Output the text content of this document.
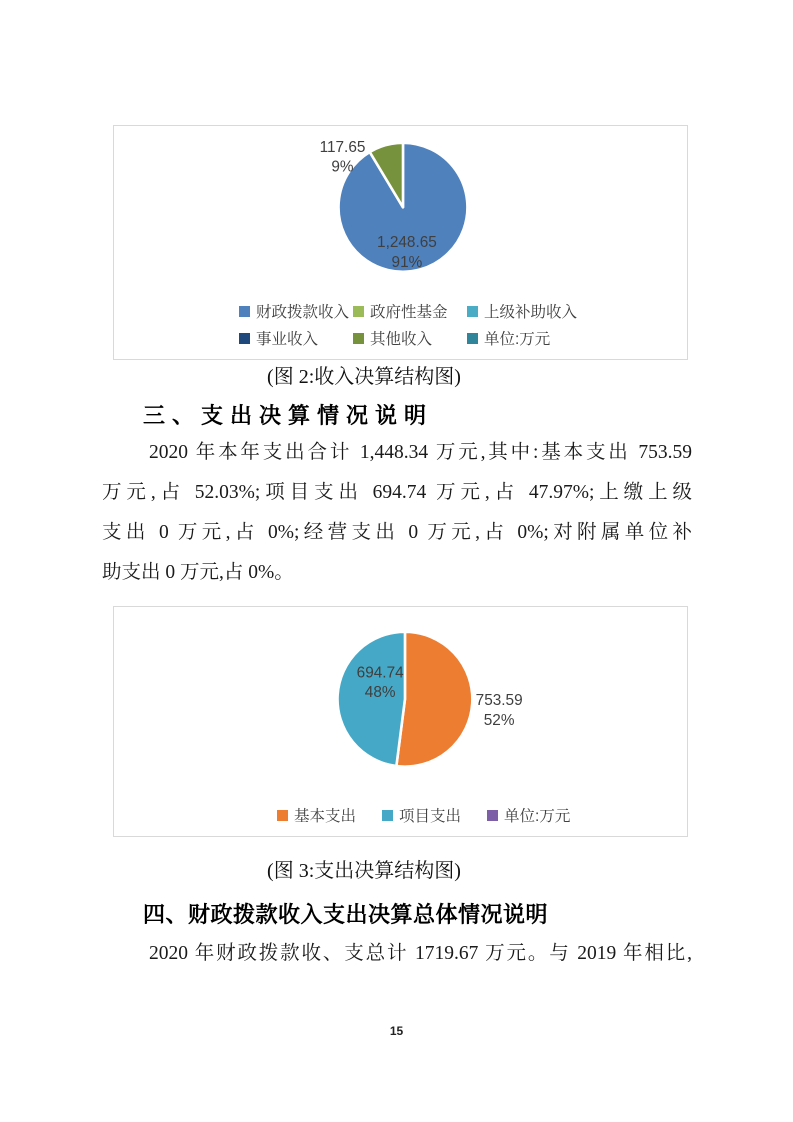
1,248.65 91%
117.65 9%
财政拨款收入 政府性基金 上级补助收入
事业收入	其他收入	单位:万元
(图 2:收入决算结构图)
三、支出决算情况说明
2020 年本年支出合计 1,448.34 万元,其中:基本支出 753.59
万元,占 52.03%;项目支出 694.74 万元,占 47.97%;上缴上级
支出 0 万元,占 0%;经营支出 0 万元,占 0%;对附属单位补
助支出 0 万元,占 0%。
753.59 52%
694.74 48%
基本支出	项目支出	单位:万元
(图 3:支出决算结构图)
四、财政拨款收入支出决算总体情况说明
2020 年财政拨款收、支总计 1719.67 万元。与 2019 年相比,
15
